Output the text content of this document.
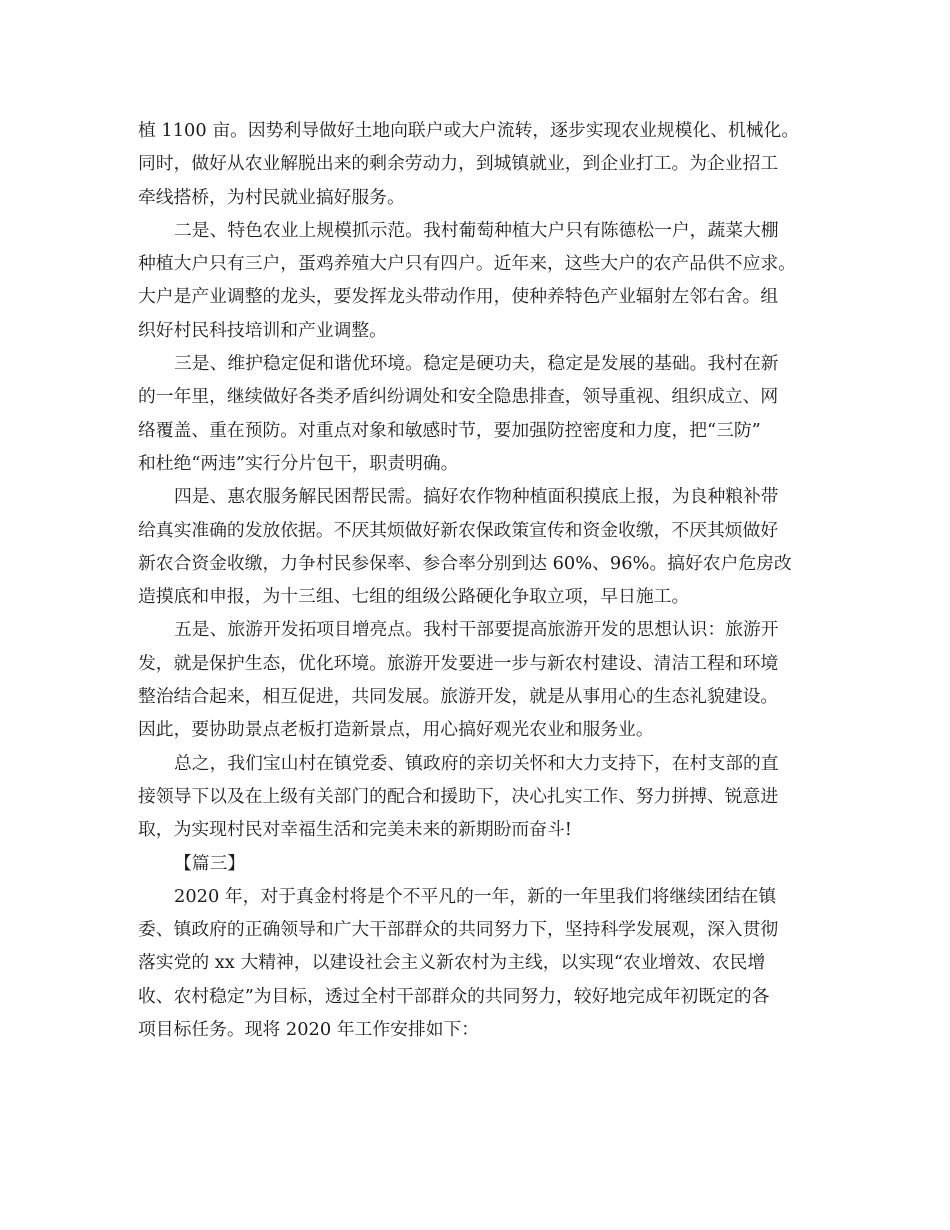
植 1100 亩。因势利导做好土地向联户或大户流转，逐步实现农业规模化、机械化。
同时，做好从农业解脱出来的剩余劳动力，到城镇就业，到企业打工。为企业招工
牵线搭桥，为村民就业搞好服务。
二是、特色农业上规模抓示范。我村葡萄种植大户只有陈德松一户，蔬菜大棚
种植大户只有三户，蛋鸡养殖大户只有四户。近年来，这些大户的农产品供不应求。
大户是产业调整的龙头，要发挥龙头带动作用，使种养特色产业辐射左邻右舍。组
织好村民科技培训和产业调整。
三是、维护稳定促和谐优环境。稳定是硬功夫，稳定是发展的基础。我村在新
的一年里，继续做好各类矛盾纠纷调处和安全隐患排查，领导重视、组织成立、网
络覆盖、重在预防。对重点对象和敏感时节，要加强防控密度和力度，把“三防”
和杜绝“两违”实行分片包干，职责明确。
四是、惠农服务解民困帮民需。搞好农作物种植面积摸底上报，为良种粮补带
给真实准确的发放依据。不厌其烦做好新农保政策宣传和资金收缴，不厌其烦做好
新农合资金收缴，力争村民参保率、参合率分别到达 60%、96%。搞好农户危房改
造摸底和申报，为十三组、七组的组级公路硬化争取立项，早日施工。
五是、旅游开发拓项目增亮点。我村干部要提高旅游开发的思想认识：旅游开
发，就是保护生态，优化环境。旅游开发要进一步与新农村建设、清洁工程和环境
整治结合起来，相互促进，共同发展。旅游开发，就是从事用心的生态礼貌建设。
因此，要协助景点老板打造新景点，用心搞好观光农业和服务业。
总之，我们宝山村在镇党委、镇政府的亲切关怀和大力支持下，在村支部的直
接领导下以及在上级有关部门的配合和援助下，决心扎实工作、努力拼搏、锐意进
取，为实现村民对幸福生活和完美未来的新期盼而奋斗!
【篇三】
2020 年，对于真金村将是个不平凡的一年，新的一年里我们将继续团结在镇
委、镇政府的正确领导和广大干部群众的共同努力下，坚持科学发展观，深入贯彻
落实党的 xx 大精神，以建设社会主义新农村为主线，以实现“农业增效、农民增
收、农村稳定”为目标，透过全村干部群众的共同努力，较好地完成年初既定的各
项目标任务。现将 2020 年工作安排如下：
